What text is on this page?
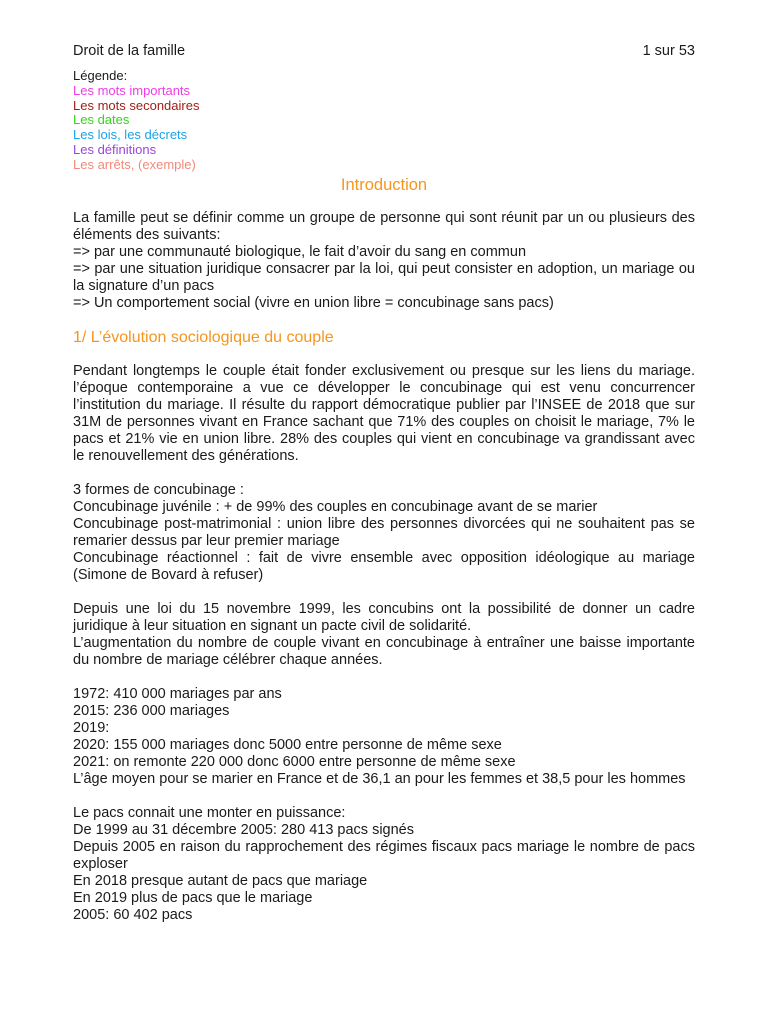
Droit de la famille	1 sur 53
Légende:
Les mots importants
Les mots secondaires
Les dates
Les lois, les décrets
Les définitions
Les arrêts, (exemple)
Introduction
La famille peut se définir comme un groupe de personne qui sont réunit par un ou plusieurs des éléments des suivants:
=> par une communauté biologique, le fait d’avoir du sang en commun
=> par une situation juridique consacrer par la loi, qui peut consister en adoption, un mariage ou la signature d’un pacs
=> Un comportement social (vivre en union libre = concubinage sans pacs)
1/ L’évolution sociologique du couple
Pendant longtemps le couple était fonder exclusivement ou presque sur les liens du mariage. l’époque contemporaine a vue ce développer le concubinage qui est venu concurrencer l’institution du mariage. Il résulte du rapport démocratique publier par l’INSEE de 2018 que sur 31M de personnes vivant en France sachant que 71% des couples on choisit le mariage, 7% le pacs et 21% vie en union libre. 28% des couples qui vient en concubinage va grandissant avec le renouvellement des générations.
3 formes de concubinage :
Concubinage juvénile : + de 99% des couples en concubinage avant de se marier
Concubinage post-matrimonial : union libre des personnes divorcées qui ne souhaitent pas se remarier dessus par leur premier mariage
Concubinage réactionnel : fait de vivre ensemble avec opposition idéologique au mariage (Simone de Bovard à refuser)
Depuis une loi du 15 novembre 1999, les concubins ont la possibilité de donner un cadre juridique à leur situation en signant un pacte civil de solidarité.
L’augmentation du nombre de couple vivant en concubinage à entraîner une baisse importante du nombre de mariage célébrer chaque années.
1972: 410 000 mariages par ans
2015: 236 000 mariages
2019:
2020: 155 000 mariages donc 5000 entre personne de même sexe
2021: on remonte 220 000 donc 6000 entre personne de même sexe
L’âge moyen pour se marier en France et de 36,1 an pour les femmes et 38,5 pour les hommes
Le pacs connait une monter en puissance:
De 1999 au 31 décembre 2005: 280 413 pacs signés
Depuis 2005 en raison du rapprochement des régimes fiscaux pacs mariage le nombre de pacs exploser
En 2018 presque autant de pacs que mariage
En 2019 plus de pacs que le mariage
2005: 60 402 pacs
